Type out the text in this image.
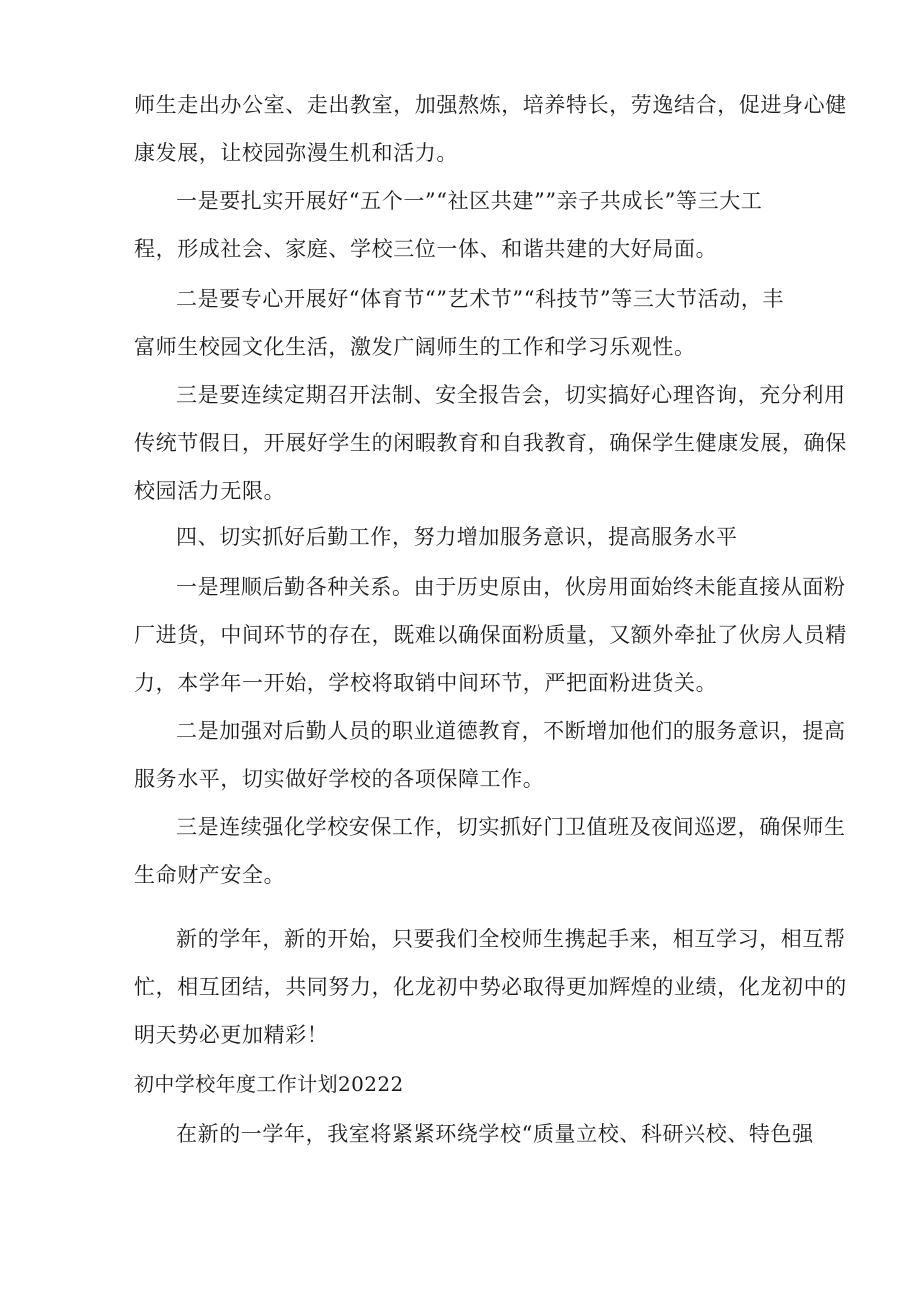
师生走出办公室、走出教室，加强熬炼，培养特长，劳逸结合，促进身心健
康发展，让校园弥漫生机和活力。
一是要扎实开展好“五个一”“社区共建””亲子共成长”等三大工
程，形成社会、家庭、学校三位一体、和谐共建的大好局面。
二是要专心开展好“体育节“”艺术节”“科技节”等三大节活动，丰
富师生校园文化生活，激发广阔师生的工作和学习乐观性。
三是要连续定期召开法制、安全报告会，切实搞好心理咨询，充分利用
传统节假日，开展好学生的闲暇教育和自我教育，确保学生健康发展，确保
校园活力无限。
四、切实抓好后勤工作，努力增加服务意识，提高服务水平
一是理顺后勤各种关系。由于历史原由，伙房用面始终未能直接从面粉
厂进货，中间环节的存在，既难以确保面粉质量，又额外牵扯了伙房人员精
力，本学年一开始，学校将取销中间环节，严把面粉进货关。
二是加强对后勤人员的职业道德教育，不断增加他们的服务意识，提高
服务水平，切实做好学校的各项保障工作。
三是连续强化学校安保工作，切实抓好门卫值班及夜间巡逻，确保师生
生命财产安全。
新的学年，新的开始，只要我们全校师生携起手来，相互学习，相互帮
忙，相互团结，共同努力，化龙初中势必取得更加辉煌的业绩，化龙初中的
明天势必更加精彩！
初中学校年度工作计划20222
在新的一学年，我室将紧紧环绕学校“质量立校、科研兴校、特色强
